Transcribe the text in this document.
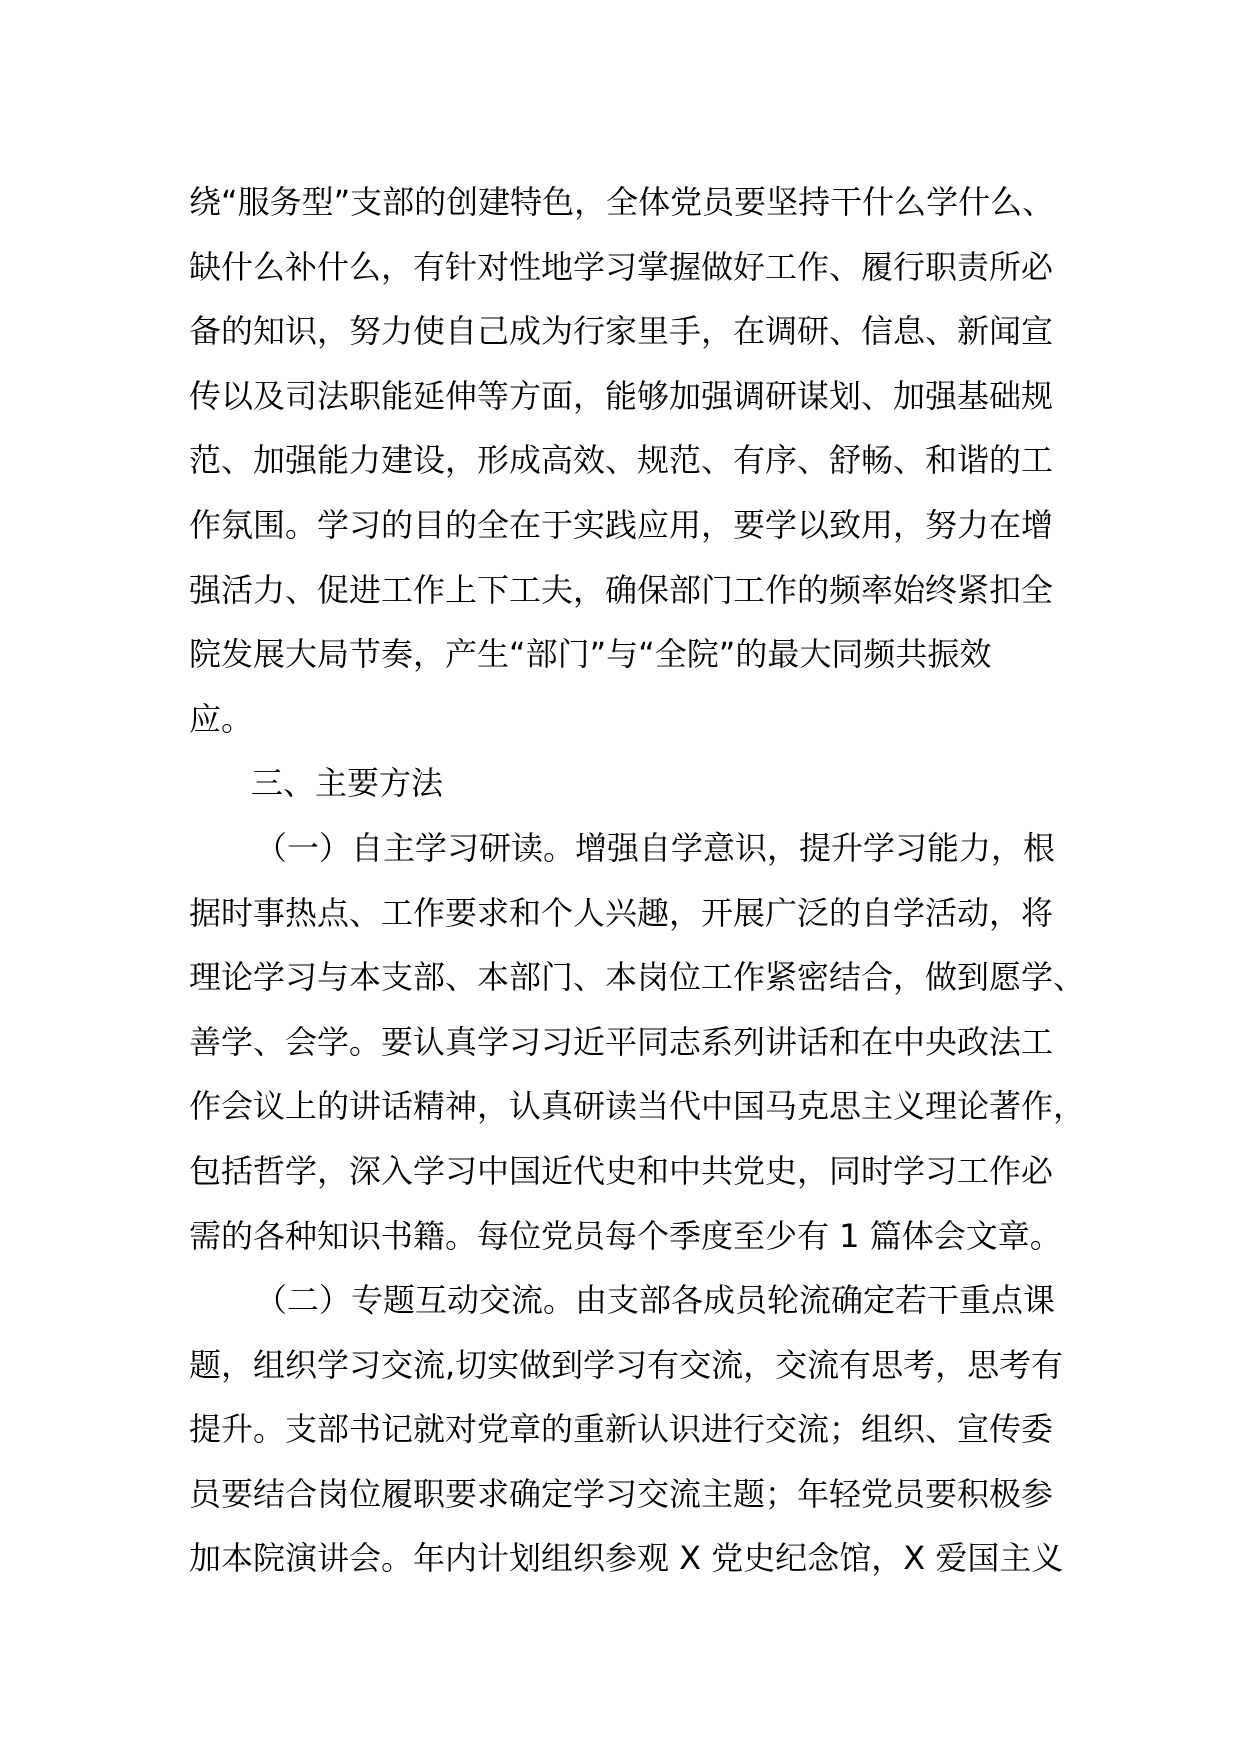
绕“服务型”支部的创建特色，全体党员要坚持干什么学什么、
缺什么补什么，有针对性地学习掌握做好工作、履行职责所必
备的知识，努力使自己成为行家里手，在调研、信息、新闻宣
传以及司法职能延伸等方面，能够加强调研谋划、加强基础规
范、加强能力建设，形成高效、规范、有序、舒畅、和谐的工
作氛围。学习的目的全在于实践应用，要学以致用，努力在增
强活力、促进工作上下工夫，确保部门工作的频率始终紧扣全
院发展大局节奏，产生“部门”与“全院”的最大同频共振效
应。
三、主要方法
（一）自主学习研读。增强自学意识，提升学习能力，根
据时事热点、工作要求和个人兴趣，开展广泛的自学活动，将
理论学习与本支部、本部门、本岗位工作紧密结合，做到愿学、
善学、会学。要认真学习习近平同志系列讲话和在中央政法工
作会议上的讲话精神，认真研读当代中国马克思主义理论著作，
包括哲学，深入学习中国近代史和中共党史，同时学习工作必
需的各种知识书籍。每位党员每个季度至少有 1 篇体会文章。
（二）专题互动交流。由支部各成员轮流确定若干重点课
题，组织学习交流,切实做到学习有交流，交流有思考，思考有
提升。支部书记就对党章的重新认识进行交流；组织、宣传委
员要结合岗位履职要求确定学习交流主题；年轻党员要积极参
加本院演讲会。年内计划组织参观 X 党史纪念馆，X 爱国主义
